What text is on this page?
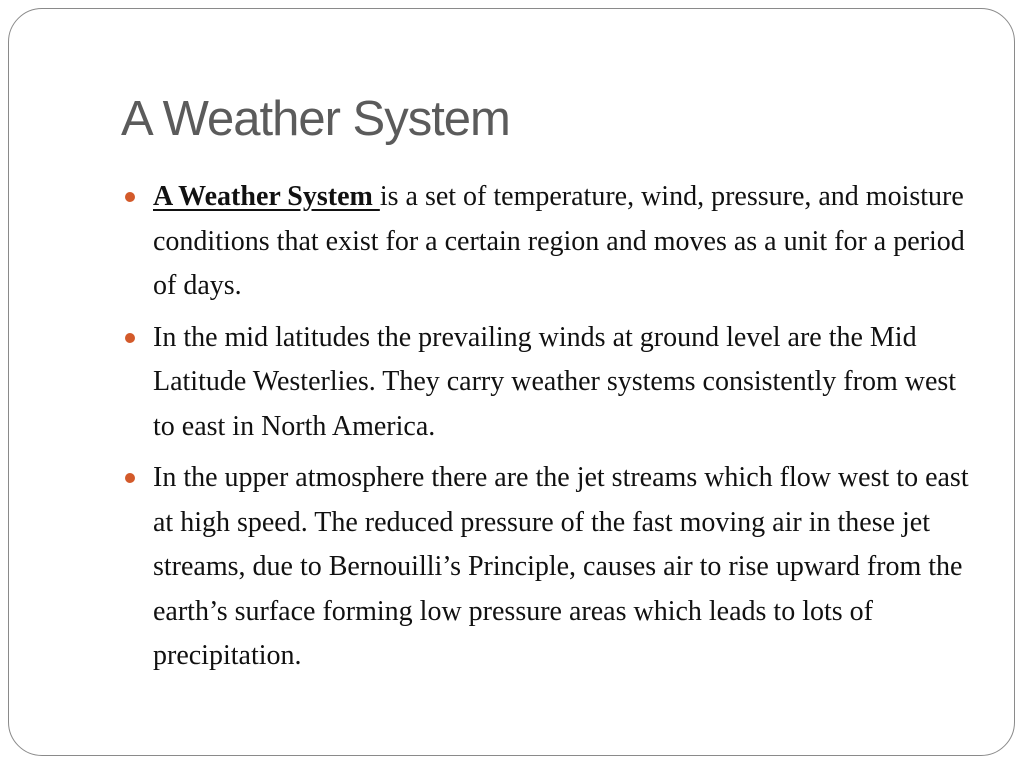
A Weather System
A Weather System is a set of temperature, wind, pressure, and moisture conditions that exist for a certain region and moves as a unit for a period of days.
In the mid latitudes the prevailing winds at ground level are the Mid Latitude Westerlies. They carry weather systems consistently from west to east in North America.
In the upper atmosphere there are the jet streams which flow west to east at high speed. The reduced pressure of the fast moving air in these jet streams, due to Bernouilli’s Principle, causes air to rise upward from the earth’s surface forming low pressure areas which leads to lots of precipitation.
